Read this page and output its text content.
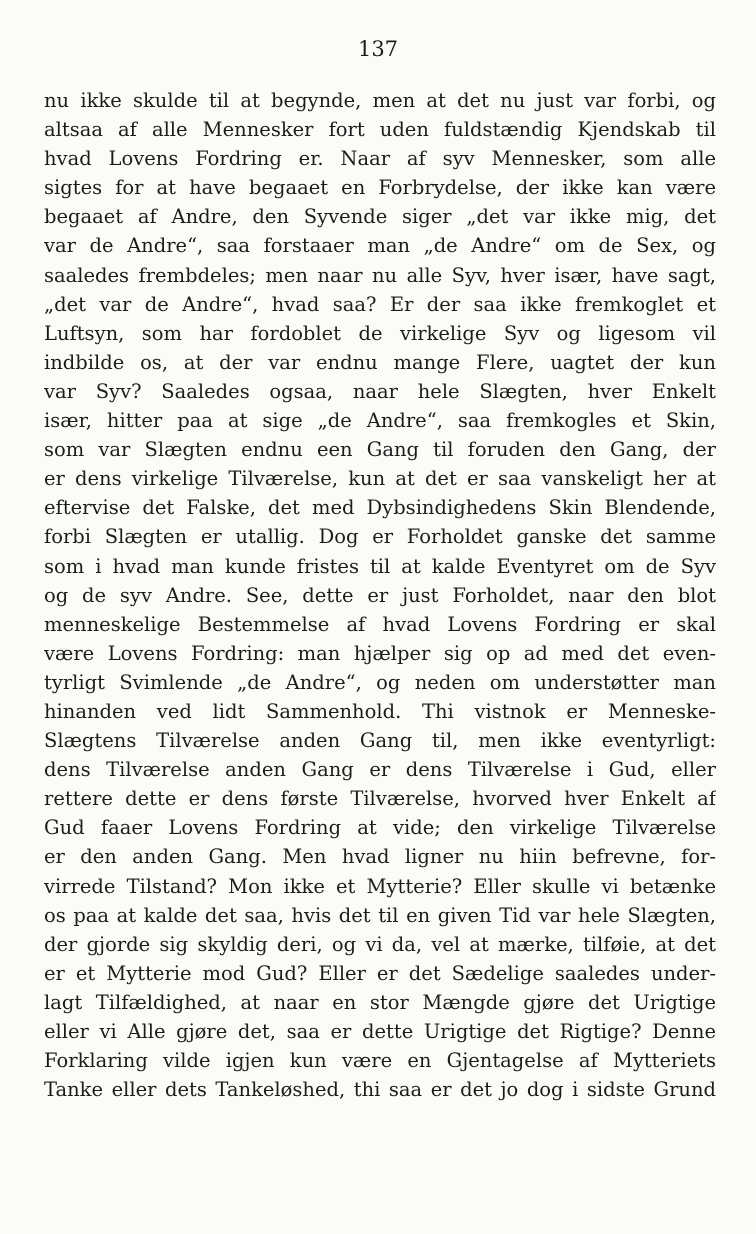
137
nu ikke skulde til at begynde, men at det nu just var forbi, og
altsaa af alle Mennesker fort uden fuldstændig Kjendskab til
hvad Lovens Fordring er. Naar af syv Mennesker, som alle
sigtes for at have begaaet en Forbrydelse, der ikke kan være
begaaet af Andre, den Syvende siger „det var ikke mig, det
var de Andre“, saa forstaaer man „de Andre“ om de Sex, og
saaledes frembdeles; men naar nu alle Syv, hver især, have sagt,
„det var de Andre“, hvad saa? Er der saa ikke fremkoglet et
Luftsyn, som har fordoblet de virkelige Syv og ligesom vil
indbilde os, at der var endnu mange Flere, uagtet der kun
var Syv? Saaledes ogsaa, naar hele Slægten, hver Enkelt
især, hitter paa at sige „de Andre“, saa fremkogles et Skin,
som var Slægten endnu een Gang til foruden den Gang, der
er dens virkelige Tilværelse, kun at det er saa vanskeligt her at
eftervise det Falske, det med Dybsindighedens Skin Blendende,
forbi Slægten er utallig. Dog er Forholdet ganske det samme
som i hvad man kunde fristes til at kalde Eventyret om de Syv
og de syv Andre. See, dette er just Forholdet, naar den blot
menneskelige Bestemmelse af hvad Lovens Fordring er skal
være Lovens Fordring: man hjælper sig op ad med det even-
tyrligt Svimlende „de Andre“, og neden om understøtter man
hinanden ved lidt Sammenhold. Thi vistnok er Menneske-
Slægtens Tilværelse anden Gang til, men ikke eventyrligt:
dens Tilværelse anden Gang er dens Tilværelse i Gud, eller
rettere dette er dens første Tilværelse, hvorved hver Enkelt af
Gud faaer Lovens Fordring at vide; den virkelige Tilværelse
er den anden Gang. Men hvad ligner nu hiin befrevne, for-
virrede Tilstand? Mon ikke et Mytterie? Eller skulle vi betænke
os paa at kalde det saa, hvis det til en given Tid var hele Slægten,
der gjorde sig skyldig deri, og vi da, vel at mærke, tilføie, at det
er et Mytterie mod Gud? Eller er det Sædelige saaledes under-
lagt Tilfældighed, at naar en stor Mængde gjøre det Urigtige
eller vi Alle gjøre det, saa er dette Urigtige det Rigtige? Denne
Forklaring vilde igjen kun være en Gjentagelse af Mytteriets
Tanke eller dets Tankeløshed, thi saa er det jo dog i sidste Grund
